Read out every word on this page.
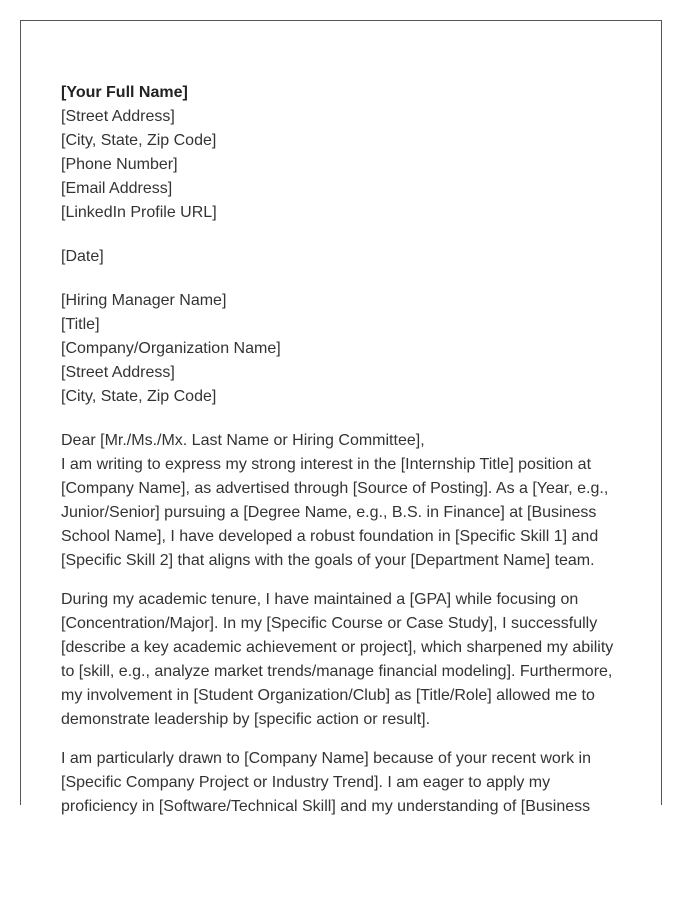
[Your Full Name]
[Street Address]
[City, State, Zip Code]
[Phone Number]
[Email Address]
[LinkedIn Profile URL]
[Date]
[Hiring Manager Name]
[Title]
[Company/Organization Name]
[Street Address]
[City, State, Zip Code]
Dear [Mr./Ms./Mx. Last Name or Hiring Committee],

I am writing to express my strong interest in the [Internship Title] position at [Company Name], as advertised through [Source of Posting]. As a [Year, e.g., Junior/Senior] pursuing a [Degree Name, e.g., B.S. in Finance] at [Business School Name], I have developed a robust foundation in [Specific Skill 1] and [Specific Skill 2] that aligns with the goals of your [Department Name] team.

During my academic tenure, I have maintained a [GPA] while focusing on [Concentration/Major]. In my [Specific Course or Case Study], I successfully [describe a key academic achievement or project], which sharpened my ability to [skill, e.g., analyze market trends/manage financial modeling]. Furthermore, my involvement in [Student Organization/Club] as [Title/Role] allowed me to demonstrate leadership by [specific action or result].

I am particularly drawn to [Company Name] because of your recent work in [Specific Company Project or Industry Trend]. I am eager to apply my proficiency in [Software/Technical Skill] and my understanding of [Business
